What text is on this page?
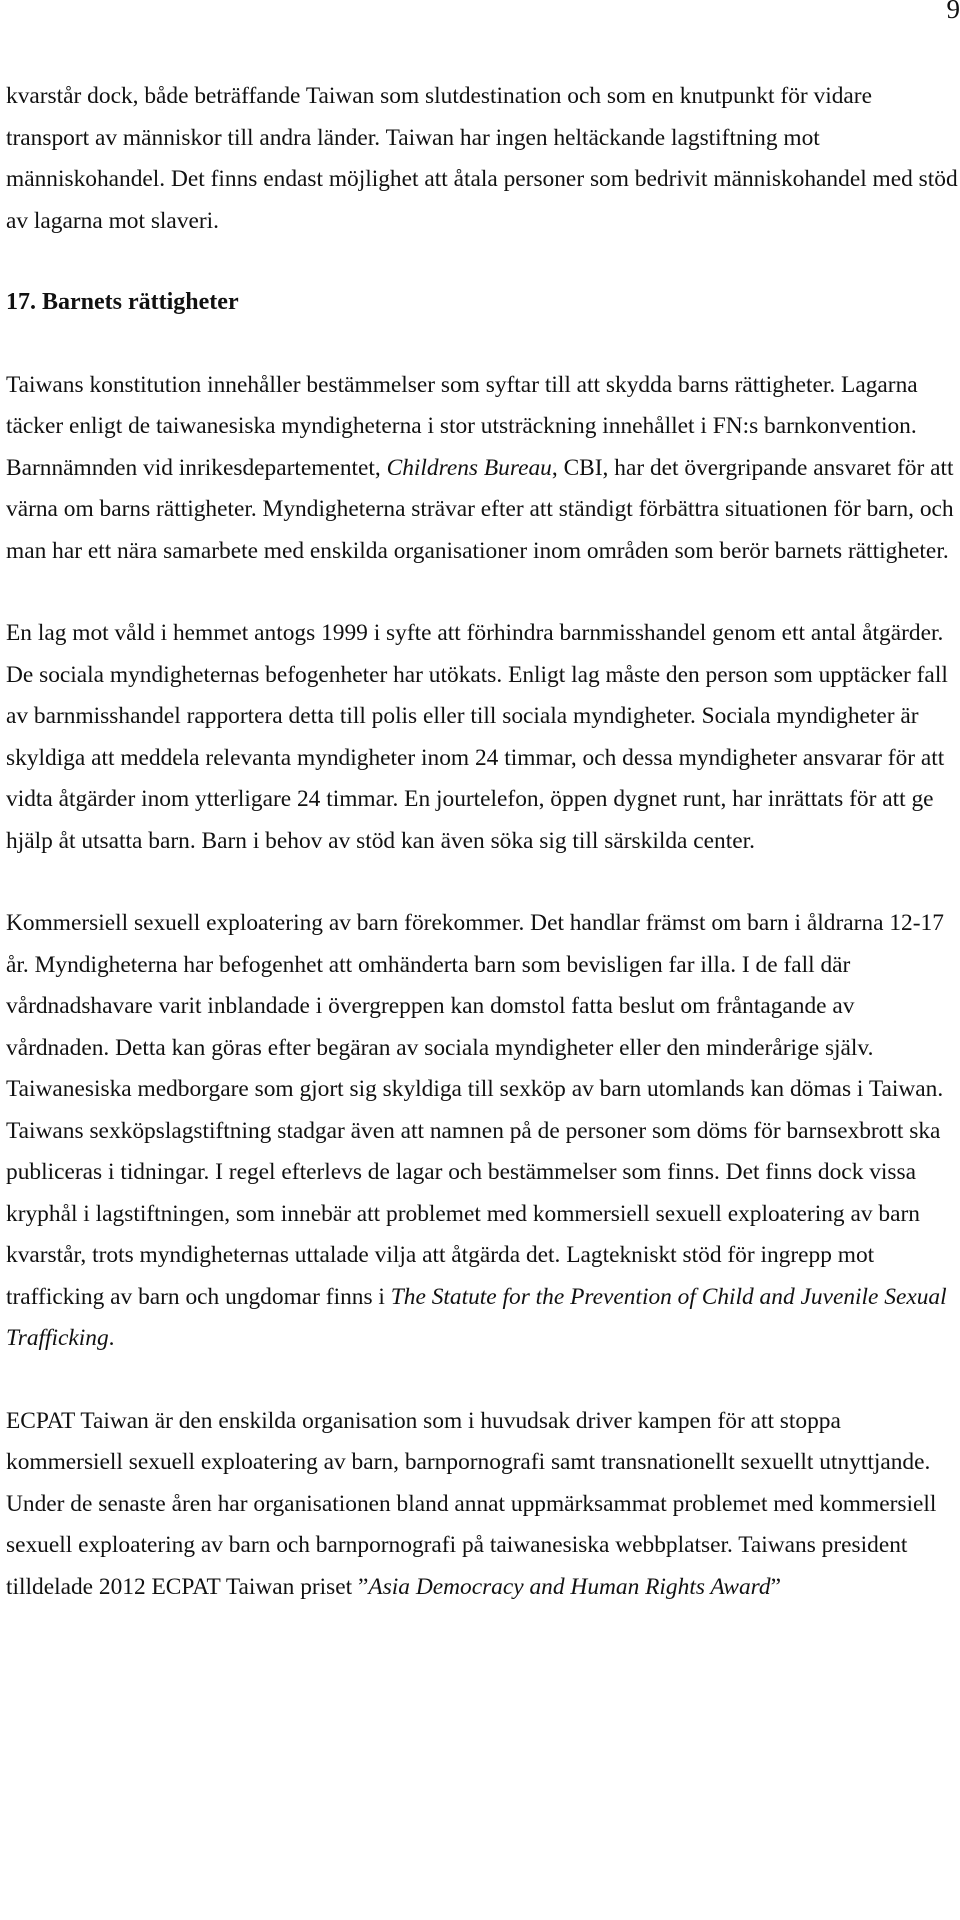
9

kvarstår dock, både beträffande Taiwan som slutdestination och som en knutpunkt för vidare transport av människor till andra länder. Taiwan har ingen heltäckande lagstiftning mot människohandel. Det finns endast möjlighet att åtala personer som bedrivit människohandel med stöd av lagarna mot slaveri.

17. Barnets rättigheter

Taiwans konstitution innehåller bestämmelser som syftar till att skydda barns rättigheter. Lagarna täcker enligt de taiwanesiska myndigheterna i stor utsträckning innehållet i FN:s barnkonvention. Barnnämnden vid inrikesdepartementet, Childrens Bureau, CBI, har det övergripande ansvaret för att värna om barns rättigheter. Myndigheterna strävar efter att ständigt förbättra situationen för barn, och man har ett nära samarbete med enskilda organisationer inom områden som berör barnets rättigheter.

En lag mot våld i hemmet antogs 1999 i syfte att förhindra barnmisshandel genom ett antal åtgärder. De sociala myndigheternas befogenheter har utökats. Enligt lag måste den person som upptäcker fall av barnmisshandel rapportera detta till polis eller till sociala myndigheter. Sociala myndigheter är skyldiga att meddela relevanta myndigheter inom 24 timmar, och dessa myndigheter ansvarar för att vidta åtgärder inom ytterligare 24 timmar. En jourtelefon, öppen dygnet runt, har inrättats för att ge hjälp åt utsatta barn. Barn i behov av stöd kan även söka sig till särskilda center.

Kommersiell sexuell exploatering av barn förekommer. Det handlar främst om barn i åldrarna 12-17 år. Myndigheterna har befogenhet att omhänderta barn som bevisligen far illa. I de fall där vårdnadshavare varit inblandade i övergreppen kan domstol fatta beslut om fråntagande av vårdnaden. Detta kan göras efter begäran av sociala myndigheter eller den minderårige själv. Taiwanesiska medborgare som gjort sig skyldiga till sexköp av barn utomlands kan dömas i Taiwan. Taiwans sexköpslagstiftning stadgar även att namnen på de personer som döms för barnsexbrott ska publiceras i tidningar. I regel efterlevs de lagar och bestämmelser som finns. Det finns dock vissa kryphål i lagstiftningen, som innebär att problemet med kommersiell sexuell exploatering av barn kvarstår, trots myndigheternas uttalade vilja att åtgärda det. Lagtekniskt stöd för ingrepp mot trafficking av barn och ungdomar finns i The Statute for the Prevention of Child and Juvenile Sexual Trafficking.

ECPAT Taiwan är den enskilda organisation som i huvudsak driver kampen för att stoppa kommersiell sexuell exploatering av barn, barnpornografi samt transnationellt sexuellt utnyttjande. Under de senaste åren har organisationen bland annat uppmärksammat problemet med kommersiell sexuell exploatering av barn och barnpornografi på taiwanesiska webbplatser. Taiwans president tilldelade 2012 ECPAT Taiwan priset ”Asia Democracy and Human Rights Award”
